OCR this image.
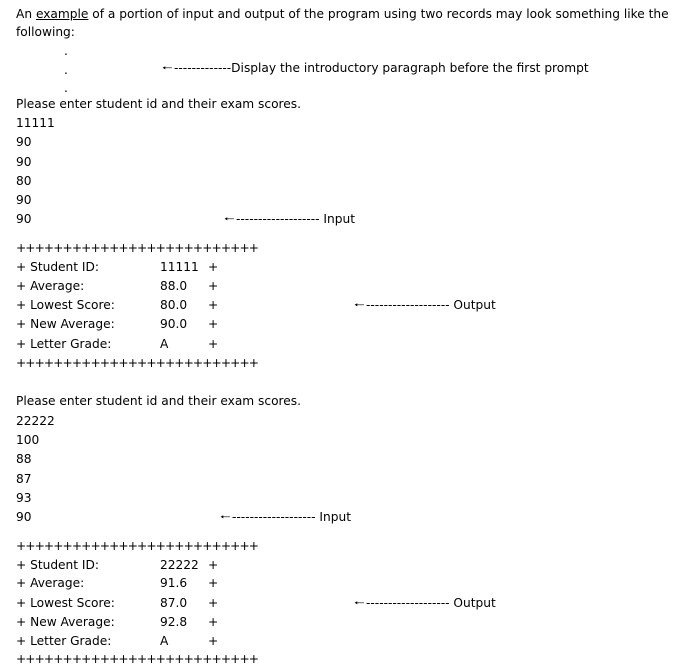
An example of a portion of input and output of the program using two records may look something like the
following:
.
.
.
🠐 -------------Display the introductory paragraph before the first prompt
Please enter student id and their exam scores.
11111
90
90
80
90
90	🠐 ------------------- Input
++++++++++++++++++++++++++
+ Student ID:	11111 +
+ Average:	88.0 +
+ Lowest Score:	80.0 +
+ New Average:	90.0 +
+ Letter Grade:	A	+
++++++++++++++++++++++++++
🠐 ------------------- Output
Please enter student id and their exam scores.
22222
100
88
87
93
90	🠐 ------------------- Input
++++++++++++++++++++++++++
+ Student ID:	22222 +
+ Average:	91.6 +
+ Lowest Score:	87.0 +
+ New Average:	92.8 +
+ Letter Grade:	A	+
++++++++++++++++++++++++++
🠐 ------------------- Output
